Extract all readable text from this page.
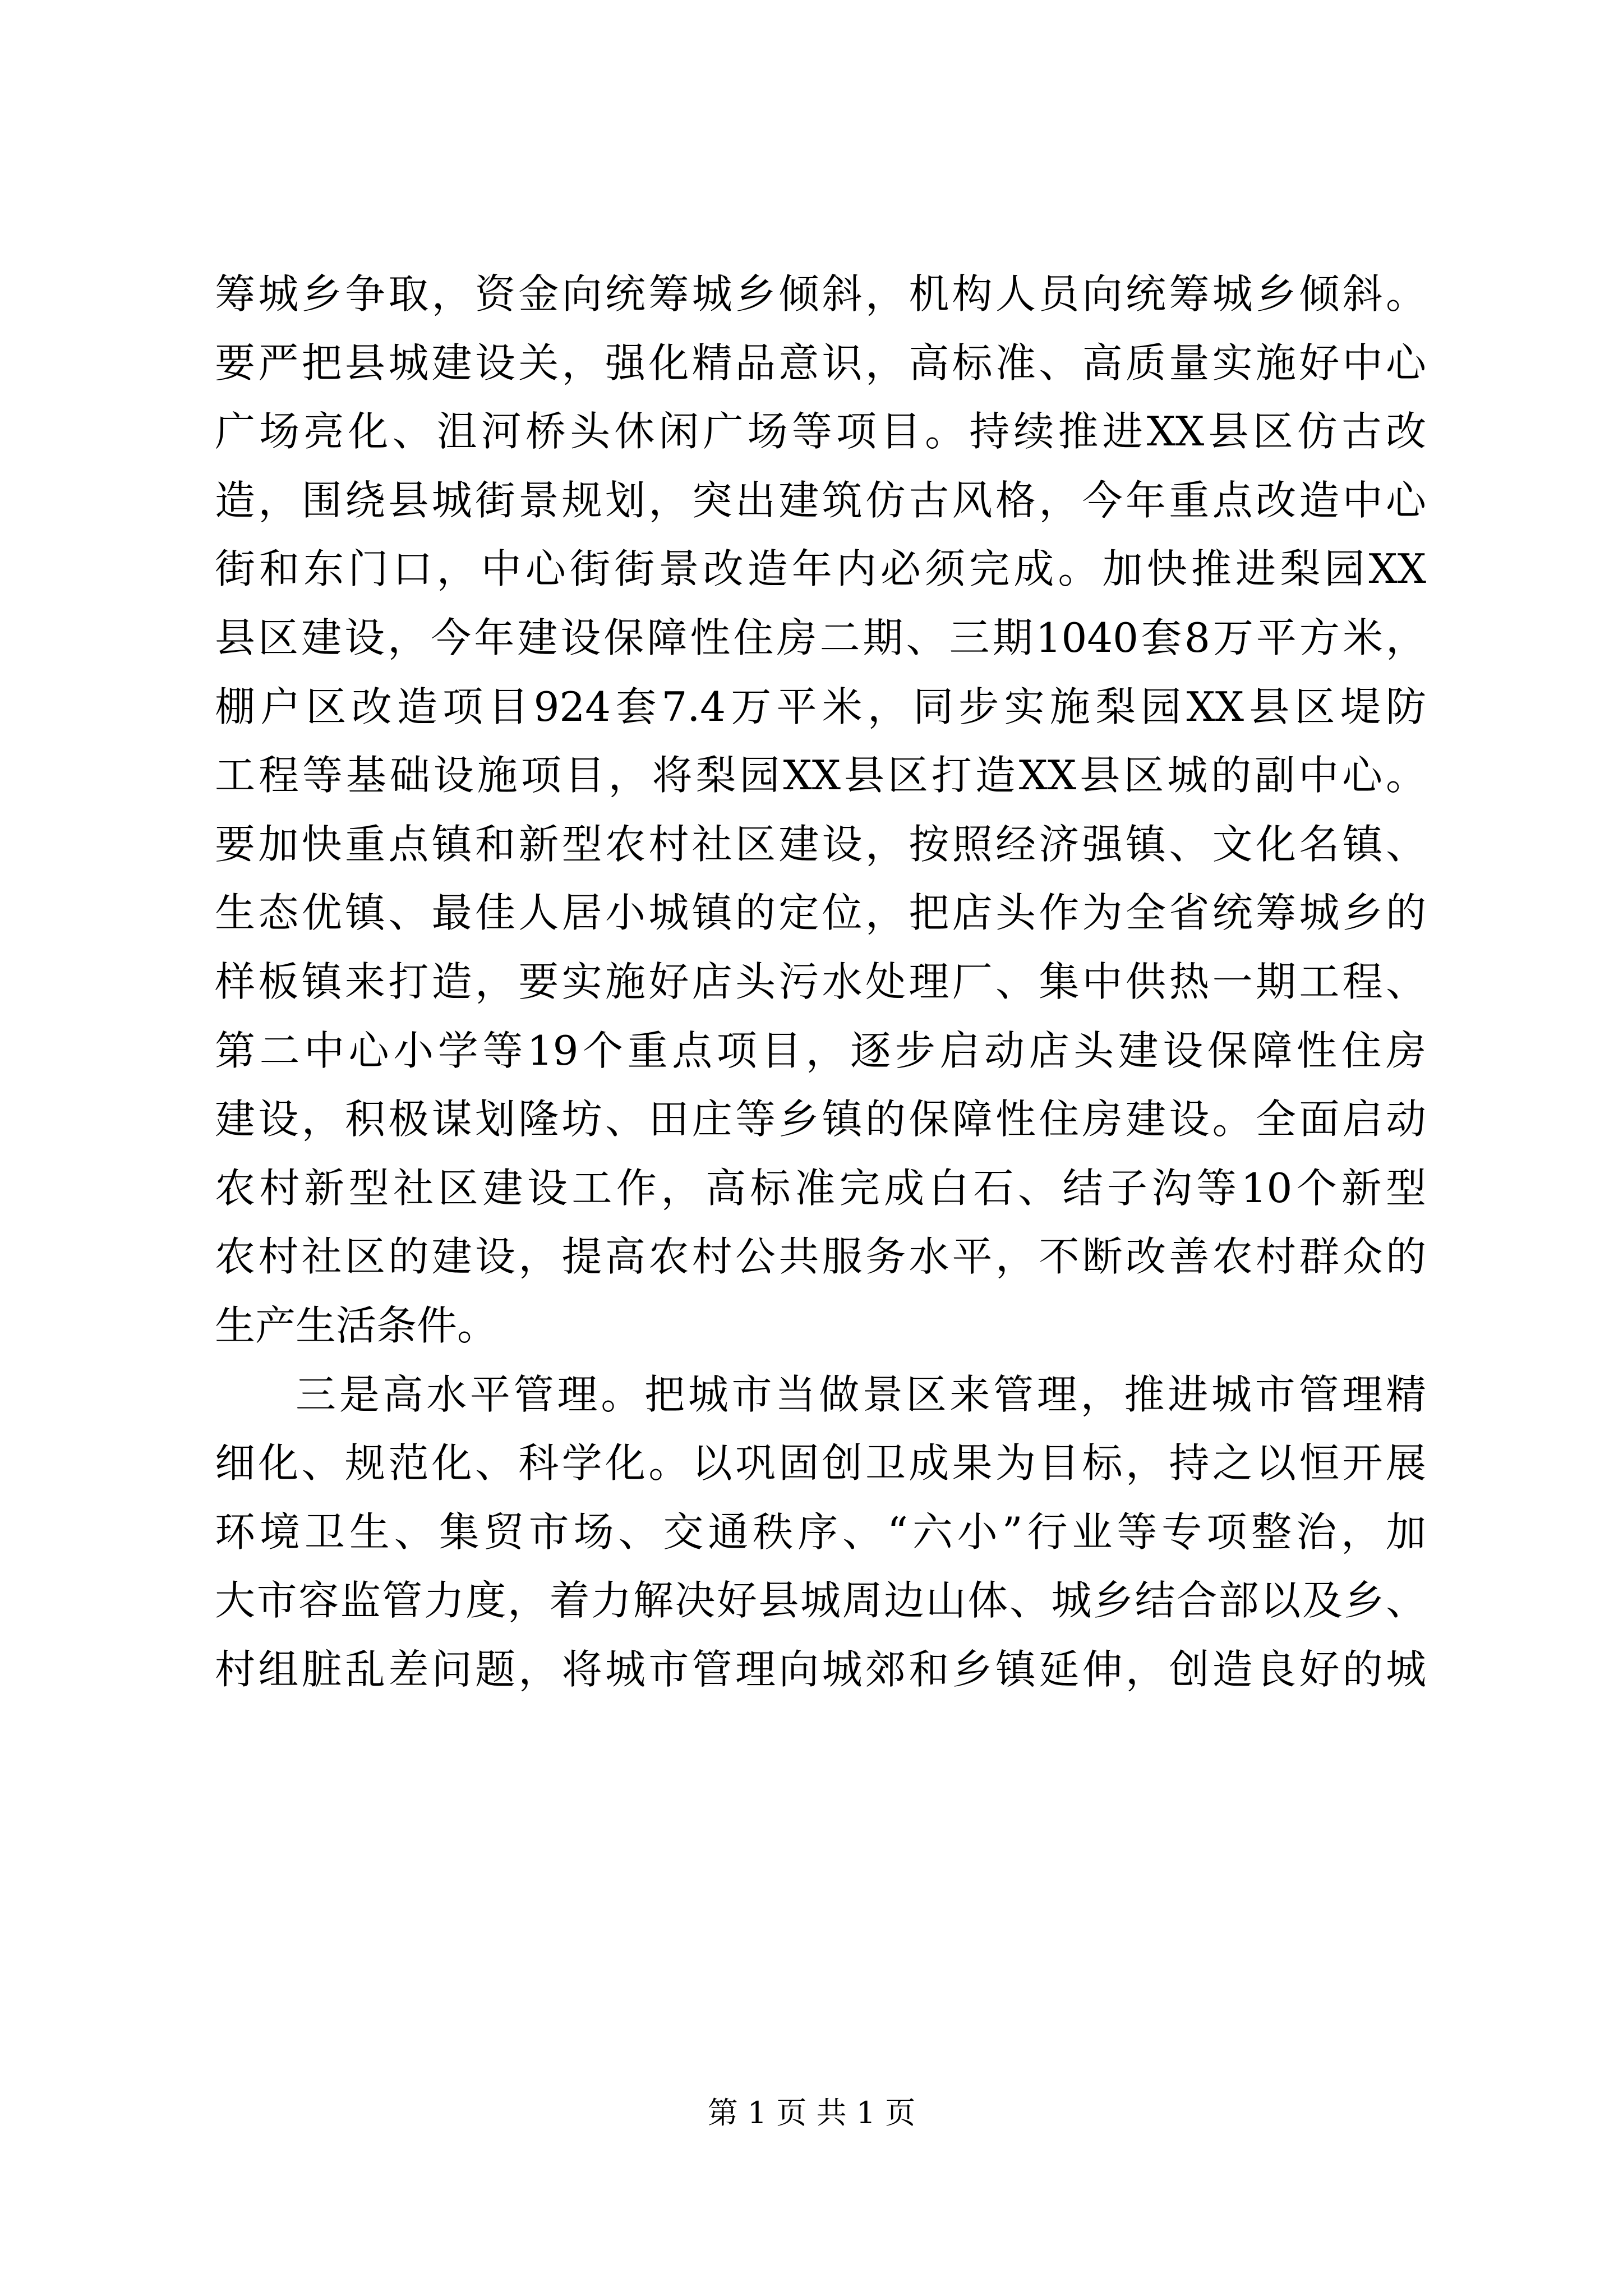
筹城乡争取，资金向统筹城乡倾斜，机构人员向统筹城乡倾斜。
要严把县城建设关，强化精品意识，高标准、高质量实施好中心
广场亮化、沮河桥头休闲广场等项目。持续推进XX县区仿古改
造，围绕县城街景规划，突出建筑仿古风格，今年重点改造中心
街和东门口，中心街街景改造年内必须完成。加快推进梨园XX
县区建设，今年建设保障性住房二期、三期1040套8万平方米，
棚户区改造项目924套7.4万平米，同步实施梨园XX县区堤防
工程等基础设施项目，将梨园XX县区打造XX县区城的副中心。
要加快重点镇和新型农村社区建设，按照经济强镇、文化名镇、
生态优镇、最佳人居小城镇的定位，把店头作为全省统筹城乡的
样板镇来打造，要实施好店头污水处理厂、集中供热一期工程、
第二中心小学等19个重点项目，逐步启动店头建设保障性住房
建设，积极谋划隆坊、田庄等乡镇的保障性住房建设。全面启动
农村新型社区建设工作，高标准完成白石、结子沟等10个新型
农村社区的建设，提高农村公共服务水平，不断改善农村群众的
生产生活条件。
三是高水平管理。把城市当做景区来管理，推进城市管理精
细化、规范化、科学化。以巩固创卫成果为目标，持之以恒开展
环境卫生、集贸市场、交通秩序、“六小”行业等专项整治，加
大市容监管力度，着力解决好县城周边山体、城乡结合部以及乡、
村组脏乱差问题，将城市管理向城郊和乡镇延伸，创造良好的城
第 1 页 共 1 页
